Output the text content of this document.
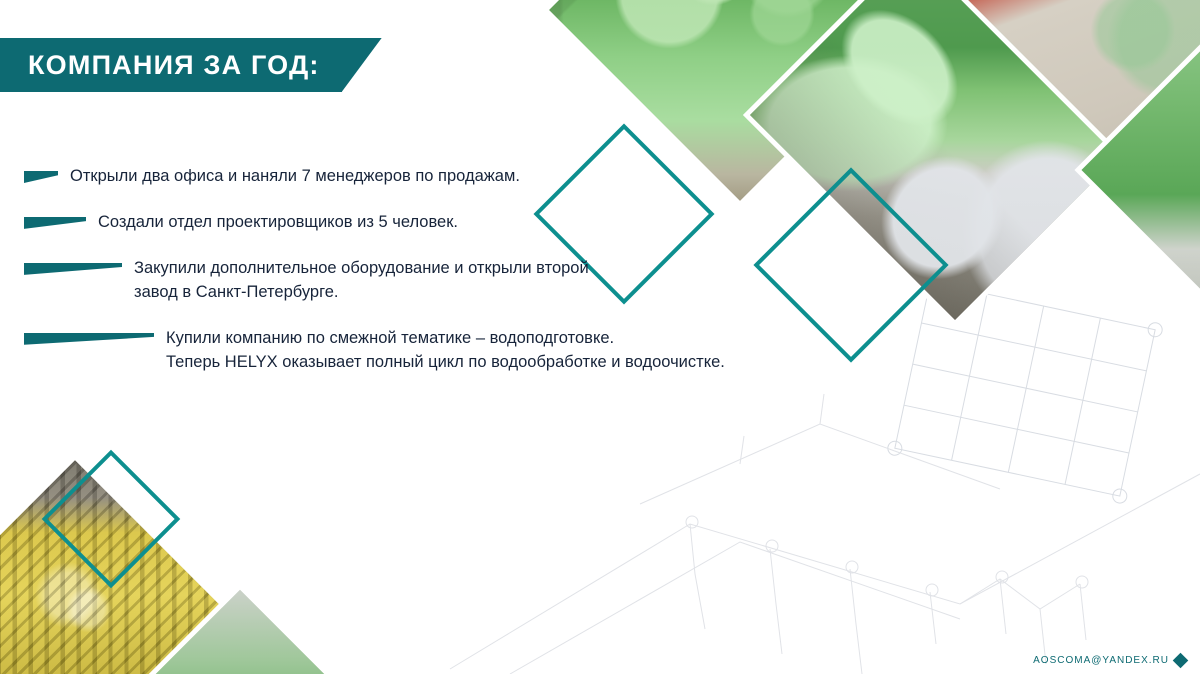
КОМПАНИЯ ЗА ГОД:
Открыли два офиса и наняли 7 менеджеров по продажам.
Создали отдел проектировщиков из 5 человек.
Закупили дополнительное оборудование и открыли второй
завод в Санкт-Петербурге.
Купили компанию по смежной тематике – водоподготовке.
Теперь HELYX оказывает полный цикл по водообработке и водоочистке.
AOSCOMA@YANDEX.RU
